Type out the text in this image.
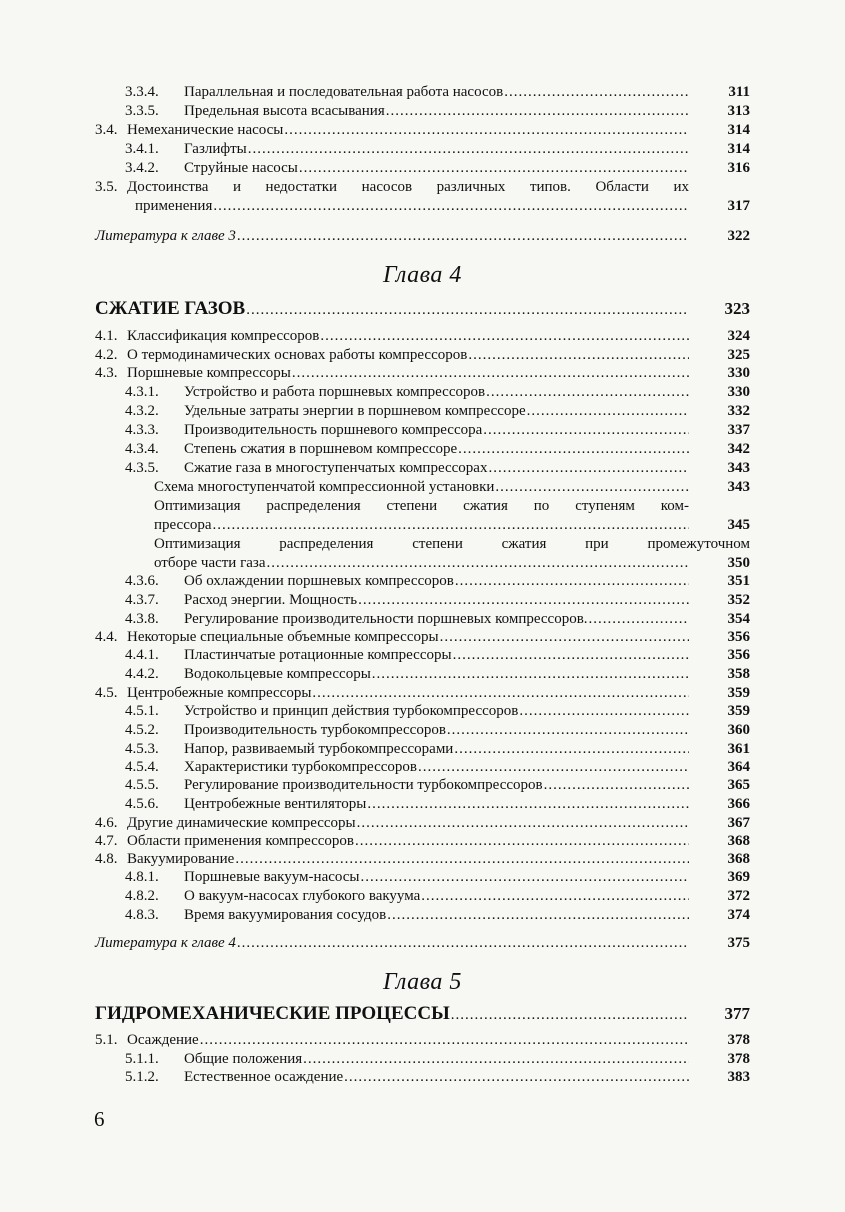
3.3.4. Параллельная и последовательная работа насосов .....	311
3.3.5. Предельная высота всасывания .....	313
3.4. Немеханические насосы .....	314
3.4.1. Газлифты .....	314
3.4.2. Струйные насосы .....	316
3.5. Достоинства и недостатки насосов различных типов. Области их
применения .....	317
Литература к главе 3 .....	322
Глава 4
СЖАТИЕ ГАЗОВ .....	323
4.1. Классификация компрессоров .....	324
4.2. О термодинамических основах работы компрессоров .....	325
4.3. Поршневые компрессоры .....	330
4.3.1. Устройство и работа поршневых компрессоров .....	330
4.3.2. Удельные затраты энергии в поршневом компрессоре .....	332
4.3.3. Производительность поршневого компрессора .....	337
4.3.4. Степень сжатия в поршневом компрессоре .....	342
4.3.5. Сжатие газа в многоступенчатых компрессорах .....	343
Схема многоступенчатой компрессионной установки .....	343
Оптимизация распределения степени сжатия по ступеням ком-
прессора .....	345
Оптимизация распределения степени сжатия при промежуточном
отборе части газа .....	350
4.3.6. Об охлаждении поршневых компрессоров .....	351
4.3.7. Расход энергии. Мощность .....	352
4.3.8. Регулирование производительности поршневых компрессоров. .....	354
4.4. Некоторые специальные объемные компрессоры .....	356
4.4.1. Пластинчатые ротационные компрессоры .....	356
4.4.2. Водокольцевые компрессоры .....	358
4.5. Центробежные компрессоры .....	359
4.5.1. Устройство и принцип действия турбокомпрессоров .....	359
4.5.2. Производительность турбокомпрессоров .....	360
4.5.3. Напор, развиваемый турбокомпрессорами .....	361
4.5.4. Характеристики турбокомпрессоров .....	364
4.5.5. Регулирование производительности турбокомпрессоров .....	365
4.5.6. Центробежные вентиляторы .....	366
4.6. Другие динамические компрессоры .....	367
4.7. Области применения компрессоров .....	368
4.8. Вакуумирование .....	368
4.8.1. Поршневые вакуум-насосы .....	369
4.8.2. О вакуум-насосах глубокого вакуума .....	372
4.8.3. Время вакуумирования сосудов .....	374
Литература к главе 4 .....	375
Глава 5
ГИДРОМЕХАНИЧЕСКИЕ ПРОЦЕССЫ .....	377
5.1. Осаждение .....	378
5.1.1. Общие положения .....	378
5.1.2. Естественное осаждение .....	383
6
